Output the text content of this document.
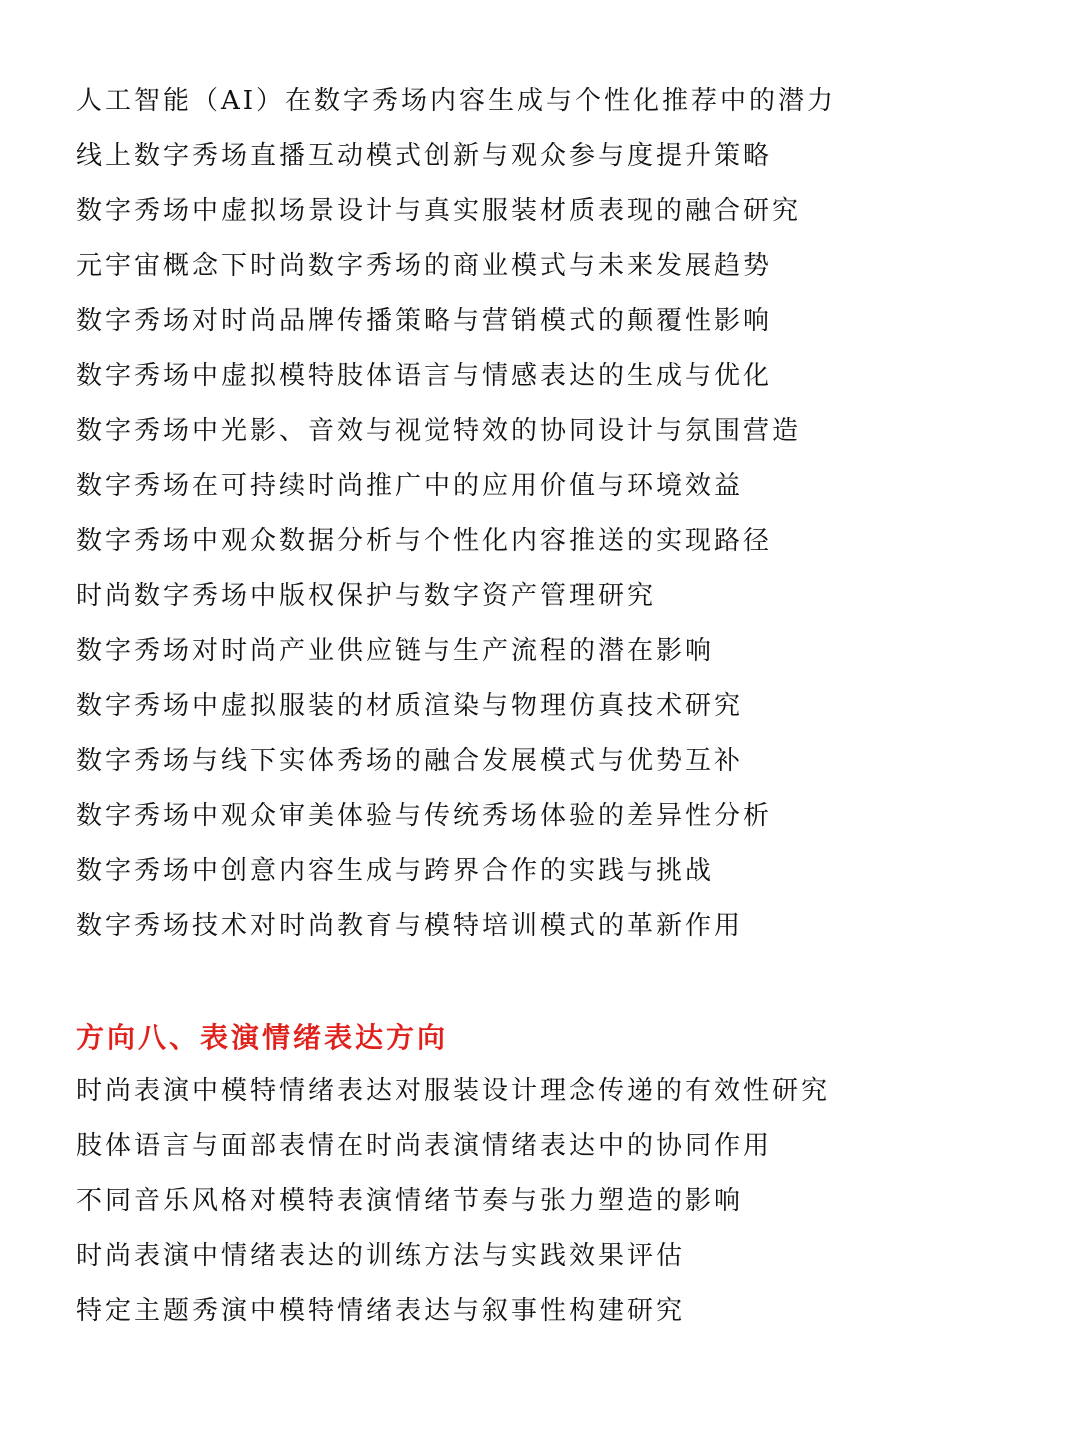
人工智能（AI）在数字秀场内容生成与个性化推荐中的潜力
线上数字秀场直播互动模式创新与观众参与度提升策略
数字秀场中虚拟场景设计与真实服装材质表现的融合研究
元宇宙概念下时尚数字秀场的商业模式与未来发展趋势
数字秀场对时尚品牌传播策略与营销模式的颠覆性影响
数字秀场中虚拟模特肢体语言与情感表达的生成与优化
数字秀场中光影、音效与视觉特效的协同设计与氛围营造
数字秀场在可持续时尚推广中的应用价值与环境效益
数字秀场中观众数据分析与个性化内容推送的实现路径
时尚数字秀场中版权保护与数字资产管理研究
数字秀场对时尚产业供应链与生产流程的潜在影响
数字秀场中虚拟服装的材质渲染与物理仿真技术研究
数字秀场与线下实体秀场的融合发展模式与优势互补
数字秀场中观众审美体验与传统秀场体验的差异性分析
数字秀场中创意内容生成与跨界合作的实践与挑战
数字秀场技术对时尚教育与模特培训模式的革新作用
方向八、表演情绪表达方向
时尚表演中模特情绪表达对服装设计理念传递的有效性研究
肢体语言与面部表情在时尚表演情绪表达中的协同作用
不同音乐风格对模特表演情绪节奏与张力塑造的影响
时尚表演中情绪表达的训练方法与实践效果评估
特定主题秀演中模特情绪表达与叙事性构建研究
